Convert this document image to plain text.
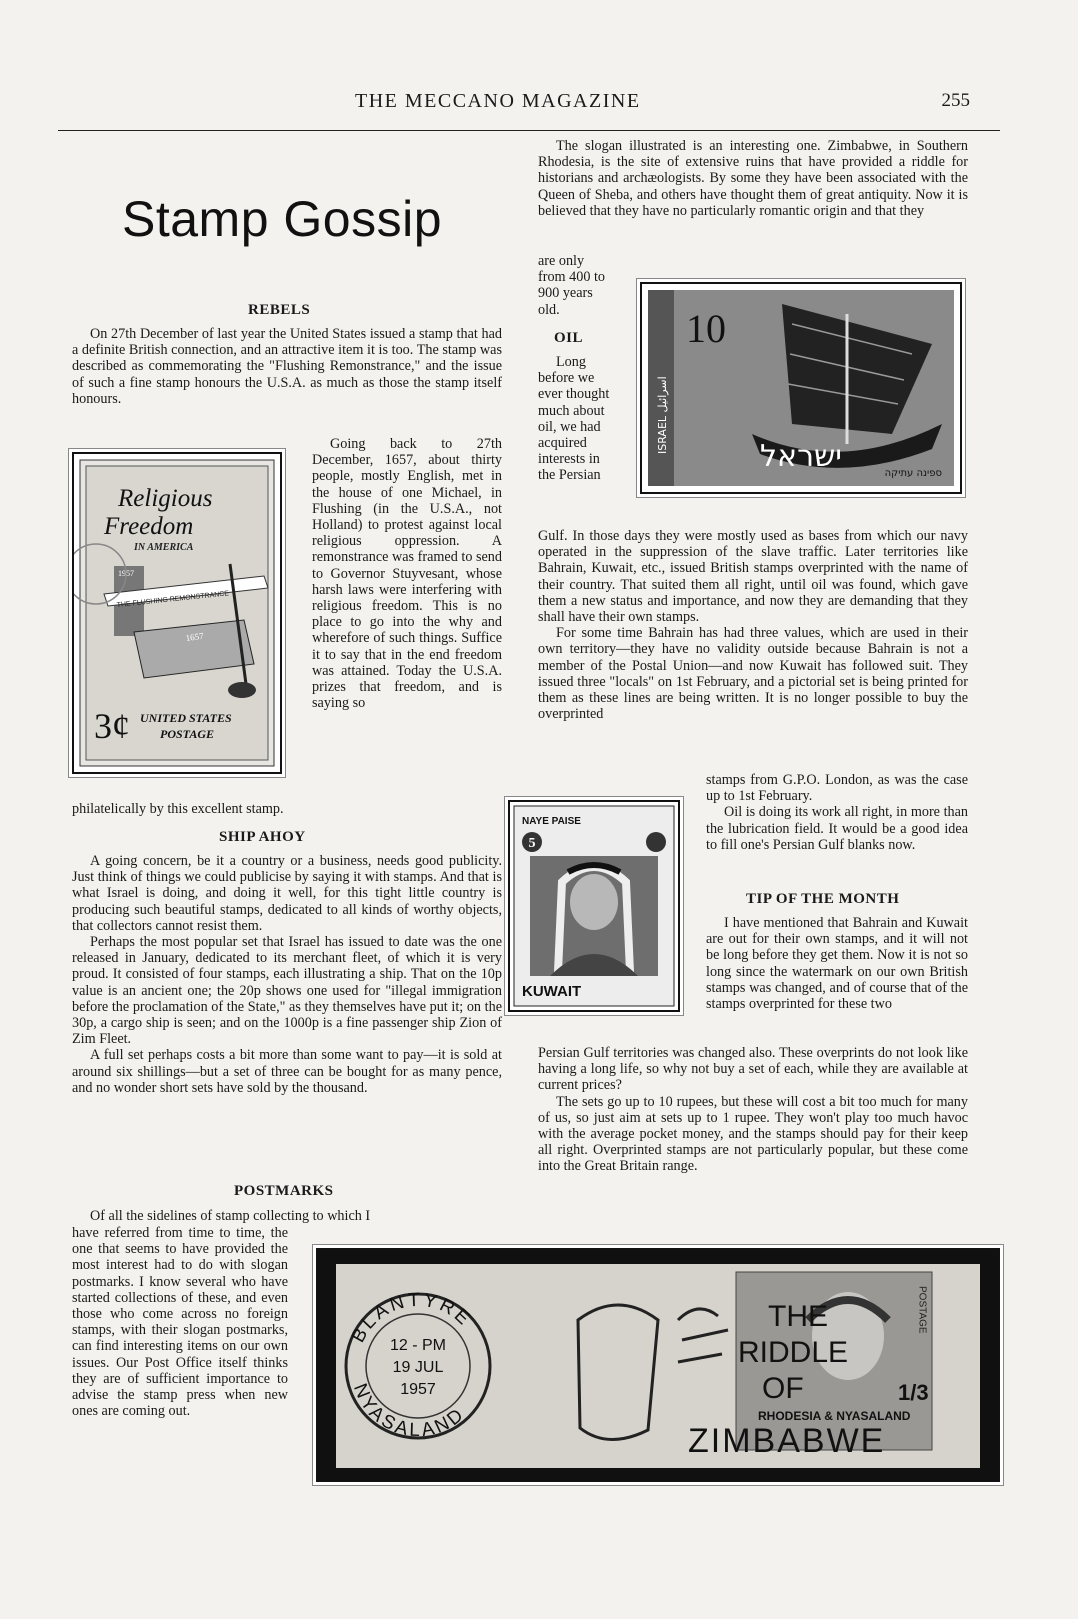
THE MECCANO MAGAZINE	255
Stamp Gossip
REBELS

On 27th December of last year the United States issued a stamp that had a definite British connection, and an attractive item it is too. The stamp was described as commemorating the "Flushing Remonstrance," and the issue of such a fine stamp honours the U.S.A. as much as those the stamp itself honours.

Going back to 27th December, 1657, about thirty people, mostly English, met in the house of one Michael, in Flushing (in the U.S.A., not Holland) to protest against local religious oppression. A remonstrance was framed to send to Governor Stuyvesant, whose harsh laws were interfering with religious freedom. This is no place to go into the why and wherefore of such things. Suffice it to say that in the end freedom was attained. Today the U.S.A. prizes that freedom, and is saying so

philatelically by this excellent stamp.

Religious
Freedom
IN AMERICA
1957
THE FLUSHING REMONSTRANCE
1657
3¢ UNITED STATES
POSTAGE
SHIP AHOY

A going concern, be it a country or a business, needs good publicity. Just think of things we could publicise by saying it with stamps. And that is what Israel is doing, and doing it well, for this tight little country is producing such beautiful stamps, dedicated to all kinds of worthy objects, that collectors cannot resist them.

Perhaps the most popular set that Israel has issued to date was the one released in January, dedicated to its merchant fleet, of which it is very proud. It consisted of four stamps, each illustrating a ship. That on the 10p value is an ancient one; the 20p shows one used for "illegal immigration before the proclamation of the State," as they themselves have put it; on the 30p, a cargo ship is seen; and on the 1000p is a fine passenger ship Zion of Zim Fleet.

A full set perhaps costs a bit more than some want to pay—it is sold at around six shillings—but a set of three can be bought for as many pence, and no wonder short sets have sold by the thousand.

POSTMARKS

Of all the sidelines of stamp collecting to which I

have referred from time to time, the one that seems to have provided the most interest had to do with slogan postmarks. I know several who have started collections of these, and even those who come across no foreign stamps, with their slogan postmarks, can find interesting items on our own issues. Our Post Office itself thinks they are of sufficient importance to advise the stamp press when new ones are coming out.

The slogan illustrated is an interesting one. Zimbabwe, in Southern Rhodesia, is the site of extensive ruins that have provided a riddle for historians and archæologists. By some they have been associated with the Queen of Sheba, and others have thought them of great antiquity. Now it is believed that they have no particularly romantic origin and that they

are only from 400 to 900 years old.

ISRAEL اسرائيل
10
ישראל	ספינה עתיקה
OIL

Long before we ever thought much about oil, we had acquired interests in the Persian

Gulf. In those days they were mostly used as bases from which our navy operated in the suppression of the slave traffic. Later territories like Bahrain, Kuwait, etc., issued British stamps overprinted with the name of their country. That suited them all right, until oil was found, which gave them a new status and importance, and now they are demanding that they shall have their own stamps.

For some time Bahrain has had three values, which are used in their own territory—they have no validity outside because Bahrain is not a member of the Postal Union—and now Kuwait has followed suit. They issued three "locals" on 1st February, and a pictorial set is being printed for them as these lines are being written. It is no longer possible to buy the overprinted

stamps from G.P.O. London, as was the case up to 1st February.

Oil is doing its work all right, in more than the lubrication field. It would be a good idea to fill one's Persian Gulf blanks now.

NAYE PAISE
5
KUWAIT
TIP OF THE MONTH

I have mentioned that Bahrain and Kuwait are out for their own stamps, and it will not be long before they get them. Now it is not so long since the watermark on our own British stamps was changed, and of course that of the stamps overprinted for these two

Persian Gulf territories was changed also. These overprints do not look like having a long life, so why not buy a set of each, while they are available at current prices?

The sets go up to 10 rupees, but these will cost a bit too much for many of us, so just aim at sets up to 1 rupee. They won't play too much havoc with the average pocket money, and the stamps should pay for their keep all right. Overprinted stamps are not particularly popular, but these come into the Great Britain range.

BLANTYRE
NYASALAND
12 - PM
19 JUL
1957
POSTAGE
THE
RIDDLE
OF
RHODESIA & NYASALAND
1/3
ZIMBABWE
